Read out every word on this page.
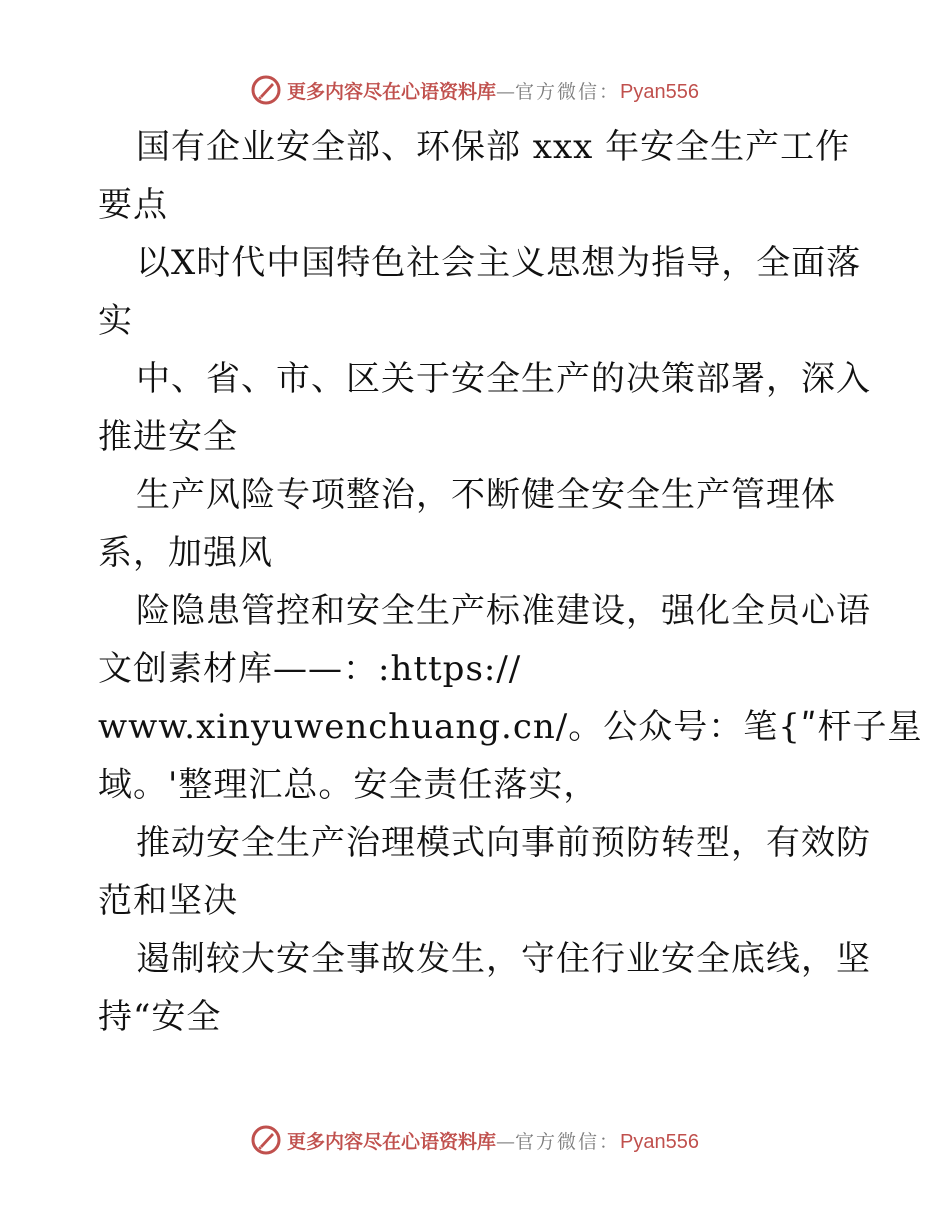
更多内容尽在心语资料库—官方微信：Pyan556
国有企业安全部、环保部 xxx 年安全生产工作
要点
以X时代中国特色社会主义思想为指导，全面落
实
中、省、市、区关于安全生产的决策部署，深入
推进安全
生产风险专项整治，不断健全安全生产管理体
系，加强风
险隐患管控和安全生产标准建设，强化全员心语
文创素材库——：:https://
www.xinyuwenchuang.cn/。公众号：笔{ʺ杆子星
域。'整理汇总。安全责任落实，
推动安全生产治理模式向事前预防转型，有效防
范和坚决
遏制较大安全事故发生，守住行业安全底线，坚
持“安全
更多内容尽在心语资料库—官方微信：Pyan556
